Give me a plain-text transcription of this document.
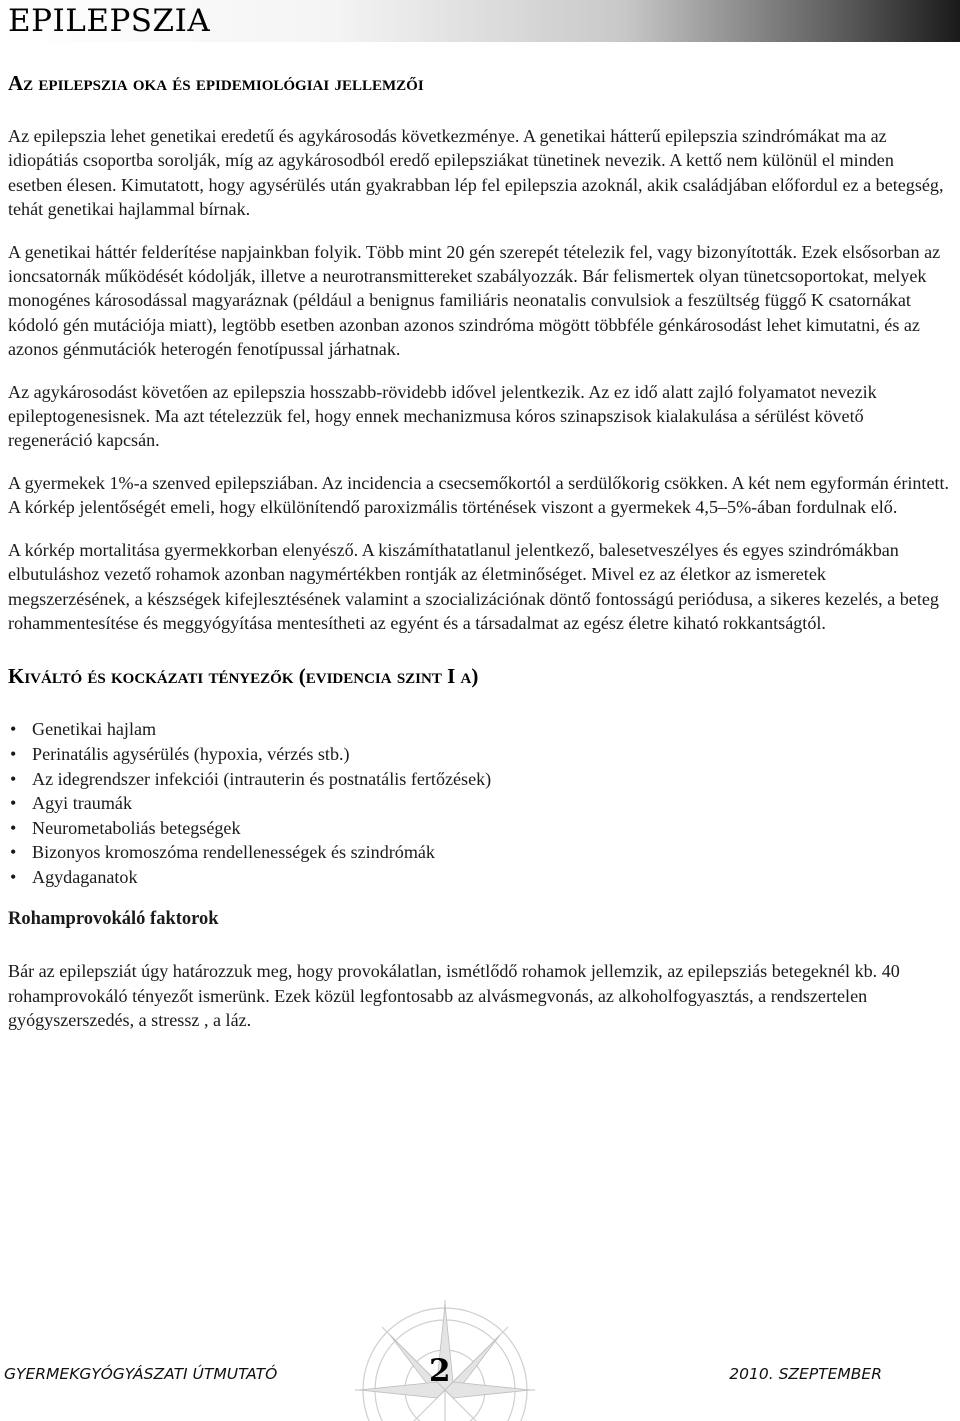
EPILEPSZIA
Az epilepszia oka és epidemiológiai jellemzői

Az epilepszia lehet genetikai eredetű és agykárosodás következménye. A genetikai hátterű epilepszia szindrómákat ma az idiopátiás csoportba sorolják, míg az agykárosodból eredő epilepsziákat tünetinek nevezik. A kettő nem különül el minden esetben élesen. Kimutatott, hogy agysérülés után gyakrabban lép fel epilepszia azoknál, akik családjában előfordul ez a betegség, tehát genetikai hajlammal bírnak.

A genetikai háttér felderítése napjainkban folyik. Több mint 20 gén szerepét tételezik fel, vagy bizonyították. Ezek elsősorban az ioncsatornák működését kódolják, illetve a neurotransmittereket szabályozzák. Bár felismertek olyan tünetcsoportokat, melyek monogénes károsodással magyaráznak (például a benignus familiáris neonatalis convulsiok a feszültség függő K csatornákat kódoló gén mutációja miatt), legtöbb esetben azonban azonos szindróma mögött többféle génkárosodást lehet kimutatni, és az azonos génmutációk heterogén fenotípussal járhatnak.

Az agykárosodást követően az epilepszia hosszabb-rövidebb idővel jelentkezik. Az ez idő alatt zajló folyamatot nevezik epileptogenesisnek. Ma azt tételezzük fel, hogy ennek mechanizmusa kóros szinapszisok kialakulása a sérülést követő regeneráció kapcsán.

A gyermekek 1%-a szenved epilepsziában. Az incidencia a csecsemőkortól a serdülőkorig csökken. A két nem egyformán érintett. A kórkép jelentőségét emeli, hogy elkülönítendő paroxizmális történések viszont a gyermekek 4,5–5%-ában fordulnak elő.

A kórkép mortalitása gyermekkorban elenyésző. A kiszámíthatatlanul jelentkező, balesetveszélyes és egyes szindrómákban elbutuláshoz vezető rohamok azonban nagymértékben rontják az életminőséget. Mivel ez az életkor az ismeretek megszerzésének, a készségek kifejlesztésének valamint a szocializációnak döntő fontosságú periódusa, a sikeres kezelés, a beteg rohammentesítése és meggyógyítása mentesítheti az egyént és a társadalmat az egész életre kiható rokkantságtól.

Kiváltó és kockázati tényezők (evidencia szint I a)
• Genetikai hajlam
• Perinatális agysérülés (hypoxia, vérzés stb.)
• Az idegrendszer infekciói (intrauterin és postnatális fertőzések)
• Agyi traumák
• Neurometaboliás betegségek
• Bizonyos kromoszóma rendellenességek és szindrómák
• Agydaganatok
Rohamprovokáló faktorok

Bár az epilepsziát úgy határozzuk meg, hogy provokálatlan, ismétlődő rohamok jellemzik, az epilepsziás betegeknél kb. 40 rohamprovokáló tényezőt ismerünk. Ezek közül legfontosabb az alvásmegvonás, az alkoholfogyasztás, a rendszertelen gyógyszerszedés, a stressz , a láz.

GYERMEKGYÓGYÁSZATI ÚTMUTATÓ	2	2010. SZEPTEMBER
